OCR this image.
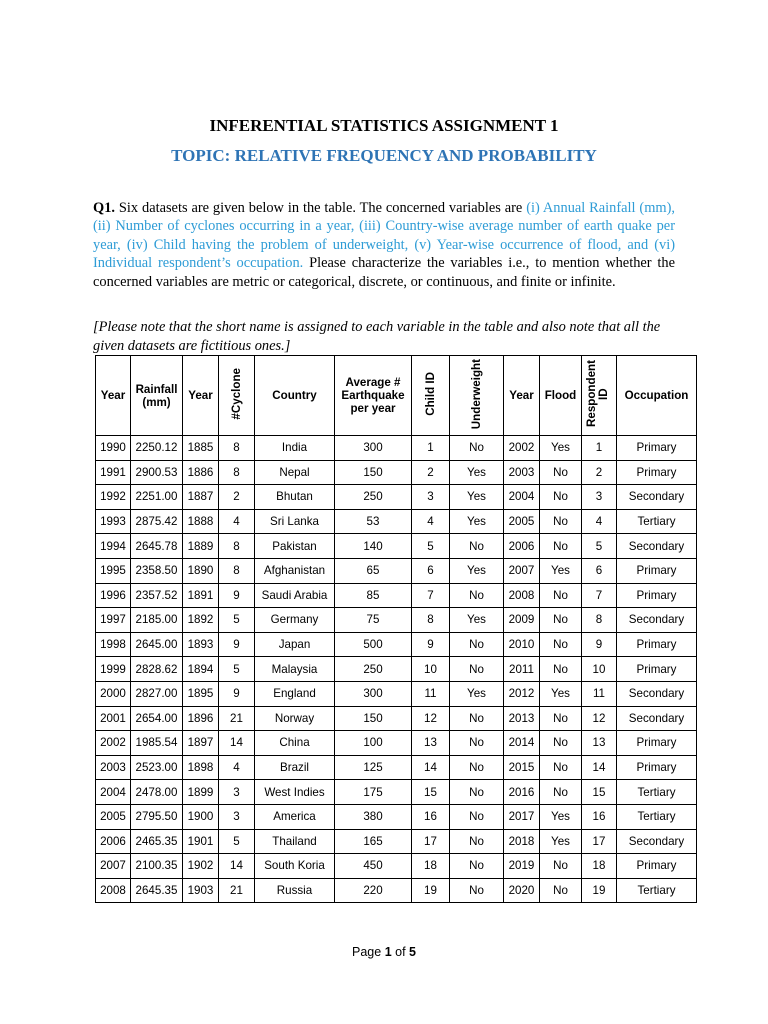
INFERENTIAL STATISTICS ASSIGNMENT 1
TOPIC: RELATIVE FREQUENCY AND PROBABILITY
Q1. Six datasets are given below in the table. The concerned variables are (i) Annual Rainfall (mm), (ii) Number of cyclones occurring in a year, (iii) Country-wise average number of earth quake per year, (iv) Child having the problem of underweight, (v) Year-wise occurrence of flood, and (vi) Individual respondent’s occupation. Please characterize the variables i.e., to mention whether the concerned variables are metric or categorical, discrete, or continuous, and finite or infinite.
[Please note that the short name is assigned to each variable in the table and also note that all the given datasets are fictitious ones.]
Year	Rainfall (mm)	Year	#Cyclone	Country	Average # Earthquake per year	Child ID	Underweight	Year	Flood	Respondent ID	Occupation
1990	2250.12	1885	8	India	300	1	No	2002	Yes	1	Primary
1991	2900.53	1886	8	Nepal	150	2	Yes	2003	No	2	Primary
1992	2251.00	1887	2	Bhutan	250	3	Yes	2004	No	3	Secondary
1993	2875.42	1888	4	Sri Lanka	53	4	Yes	2005	No	4	Tertiary
1994	2645.78	1889	8	Pakistan	140	5	No	2006	No	5	Secondary
1995	2358.50	1890	8	Afghanistan	65	6	Yes	2007	Yes	6	Primary
1996	2357.52	1891	9	Saudi Arabia	85	7	No	2008	No	7	Primary
1997	2185.00	1892	5	Germany	75	8	Yes	2009	No	8	Secondary
1998	2645.00	1893	9	Japan	500	9	No	2010	No	9	Primary
1999	2828.62	1894	5	Malaysia	250	10	No	2011	No	10	Primary
2000	2827.00	1895	9	England	300	11	Yes	2012	Yes	11	Secondary
2001	2654.00	1896	21	Norway	150	12	No	2013	No	12	Secondary
2002	1985.54	1897	14	China	100	13	No	2014	No	13	Primary
2003	2523.00	1898	4	Brazil	125	14	No	2015	No	14	Primary
2004	2478.00	1899	3	West Indies	175	15	No	2016	No	15	Tertiary
2005	2795.50	1900	3	America	380	16	No	2017	Yes	16	Tertiary
2006	2465.35	1901	5	Thailand	165	17	No	2018	Yes	17	Secondary
2007	2100.35	1902	14	South Koria	450	18	No	2019	No	18	Primary
2008	2645.35	1903	21	Russia	220	19	No	2020	No	19	Tertiary
Page 1 of 5
